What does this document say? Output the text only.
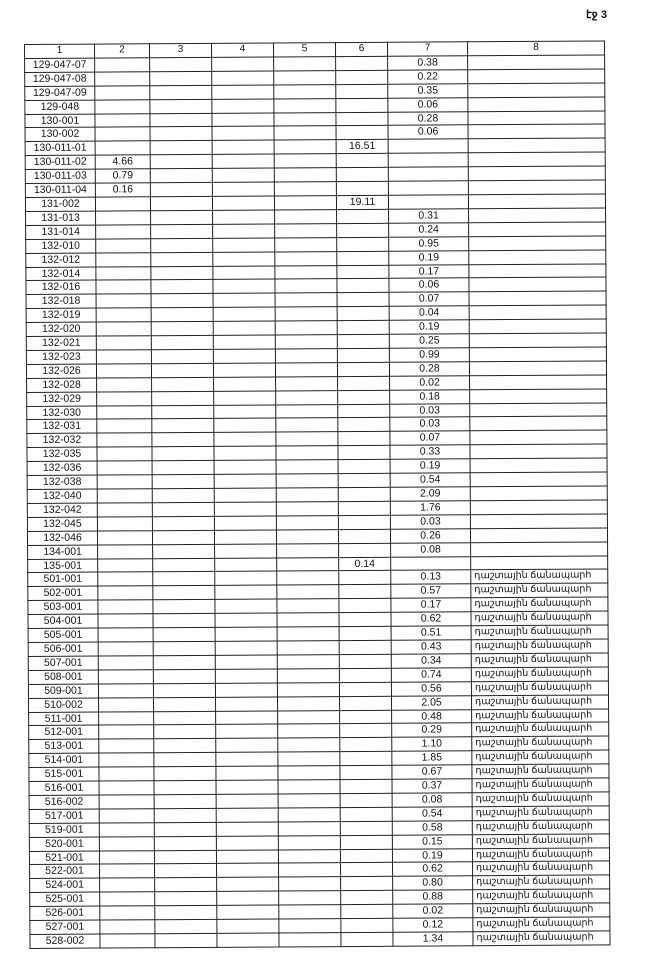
էջ 3
1	2	3	4	5	6	7	8
129-047-07						0.38	
129-047-08						0.22	
129-047-09						0.35	
129-048						0.06	
130-001						0.28	
130-002						0.06	
130-011-01					16.51		
130-011-02	4.66						
130-011-03	0.79						
130-011-04	0.16						
131-002					19.11		
131-013						0.31	
131-014						0.24	
132-010						0.95	
132-012						0.19	
132-014						0.17	
132-016						0.06	
132-018						0.07	
132-019						0.04	
132-020						0.19	
132-021						0.25	
132-023						0.99	
132-026						0.28	
132-028						0.02	
132-029						0.18	
132-030						0.03	
132-031						0.03	
132-032						0.07	
132-035						0.33	
132-036						0.19	
132-038						0.54	
132-040						2.09	
132-042						1.76	
132-045						0.03	
132-046						0.26	
134-001						0.08	
135-001					0.14		
501-001						0.13	դաշտային ճանապարհ
502-001						0.57	դաշտային ճանապարհ
503-001						0.17	դաշտային ճանապարհ
504-001						0.62	դաշտային ճանապարհ
505-001						0.51	դաշտային ճանապարհ
506-001						0.43	դաշտային ճանապարհ
507-001						0.34	դաշտային ճանապարհ
508-001						0.74	դաշտային ճանապարհ
509-001						0.56	դաշտային ճանապարհ
510-002						2.05	դաշտային ճանապարհ
511-001						0.48	դաշտային ճանապարհ
512-001						0.29	դաշտային ճանապարհ
513-001						1.10	դաշտային ճանապարհ
514-001						1.85	դաշտային ճանապարհ
515-001						0.67	դաշտային ճանապարհ
516-001						0.37	դաշտային ճանապարհ
516-002						0.08	դաշտային ճանապարհ
517-001						0.54	դաշտային ճանապարհ
519-001						0.58	դաշտային ճանապարհ
520-001						0.15	դաշտային ճանապարհ
521-001						0.19	դաշտային ճանապարհ
522-001						0.62	դաշտային ճանապարհ
524-001						0.80	դաշտային ճանապարհ
525-001						0.88	դաշտային ճանապարհ
526-001						0.02	դաշտային ճանապարհ
527-001						0.12	դաշտային ճանապարհ
528-002						1.34	դաշտային ճանապարհ
